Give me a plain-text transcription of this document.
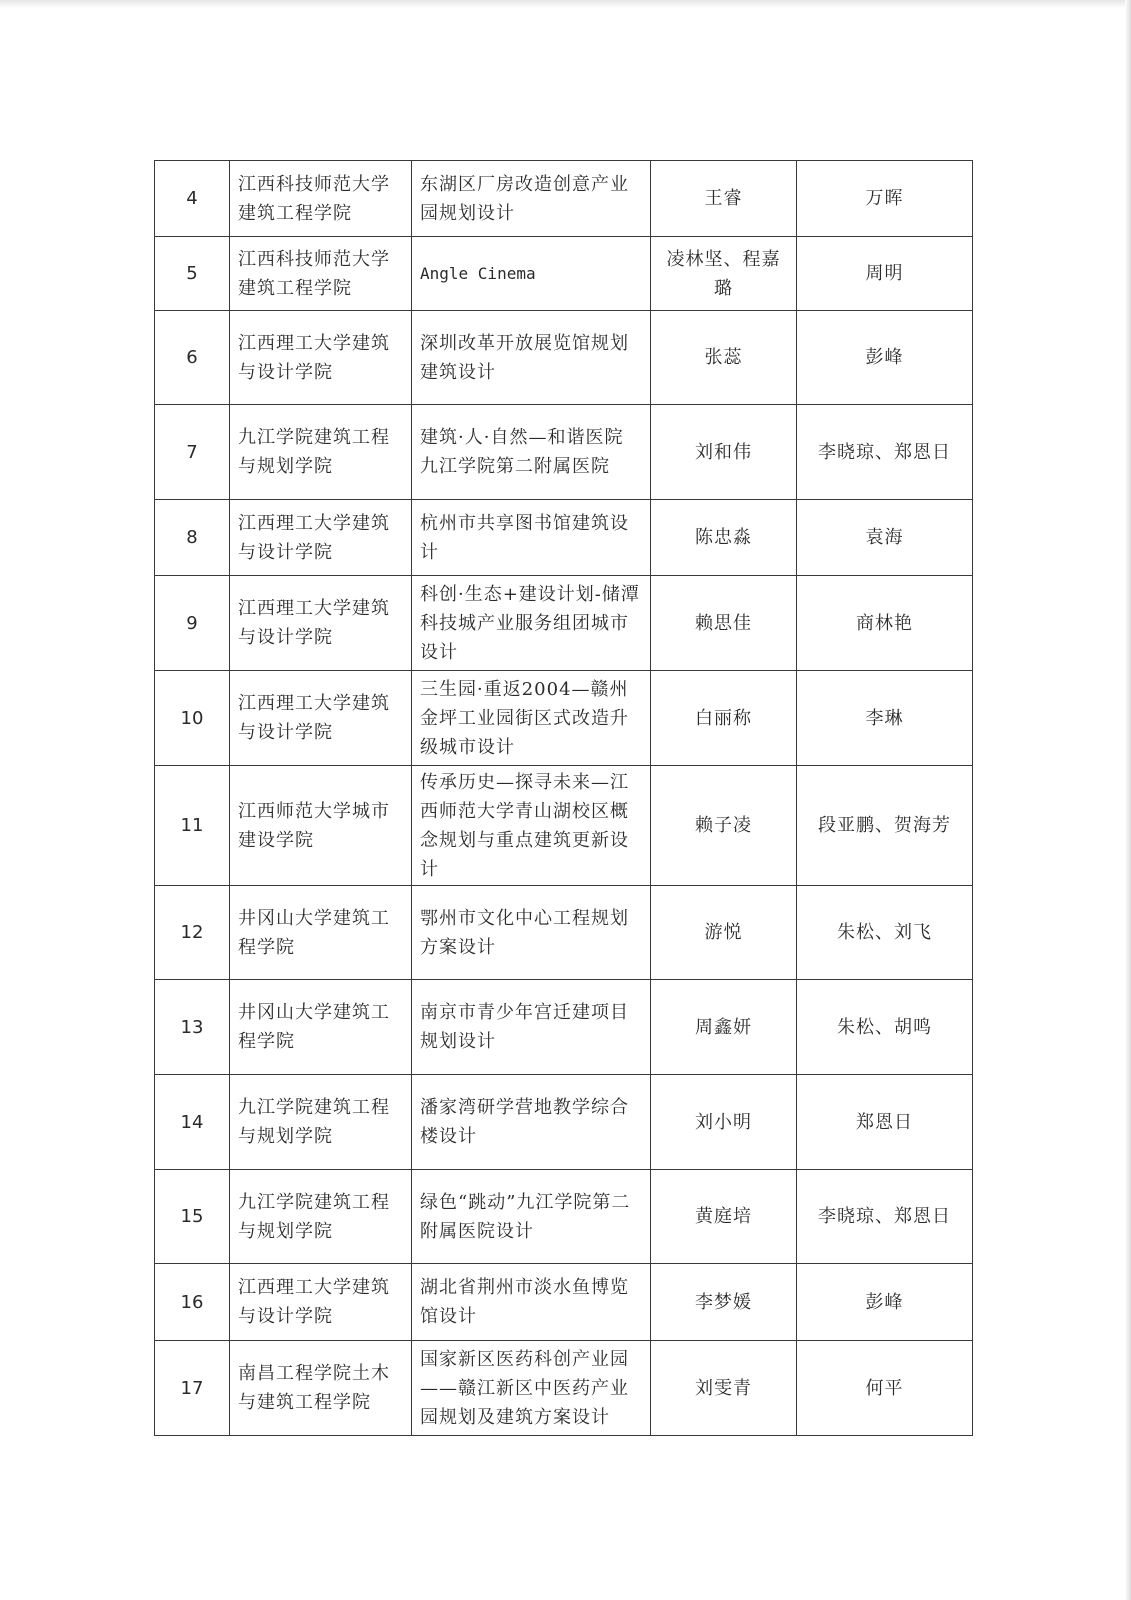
4	江西科技师范大学建筑工程学院	东湖区厂房改造创意产业园规划设计	王睿	万晖
5	江西科技师范大学建筑工程学院	Angle Cinema	凌林坚、程嘉璐	周明
6	江西理工大学建筑与设计学院	深圳改革开放展览馆规划建筑设计	张蕊	彭峰
7	九江学院建筑工程与规划学院	建筑·人·自然—和谐医院九江学院第二附属医院	刘和伟	李晓琼、郑恩日
8	江西理工大学建筑与设计学院	杭州市共享图书馆建筑设计	陈忠淼	袁海
9	江西理工大学建筑与设计学院	科创·生态+建设计划-储潭科技城产业服务组团城市设计	赖思佳	商林艳
10	江西理工大学建筑与设计学院	三生园·重返2004—赣州金坪工业园街区式改造升级城市设计	白丽称	李琳
11	江西师范大学城市建设学院	传承历史—探寻未来—江西师范大学青山湖校区概念规划与重点建筑更新设计	赖子凌	段亚鹏、贺海芳
12	井冈山大学建筑工程学院	鄂州市文化中心工程规划方案设计	游悦	朱松、刘飞
13	井冈山大学建筑工程学院	南京市青少年宫迁建项目规划设计	周鑫妍	朱松、胡鸣
14	九江学院建筑工程与规划学院	潘家湾研学营地教学综合楼设计	刘小明	郑恩日
15	九江学院建筑工程与规划学院	绿色“跳动”九江学院第二附属医院设计	黄庭培	李晓琼、郑恩日
16	江西理工大学建筑与设计学院	湖北省荆州市淡水鱼博览馆设计	李梦媛	彭峰
17	南昌工程学院土木与建筑工程学院	国家新区医药科创产业园——赣江新区中医药产业园规划及建筑方案设计	刘雯青	何平
